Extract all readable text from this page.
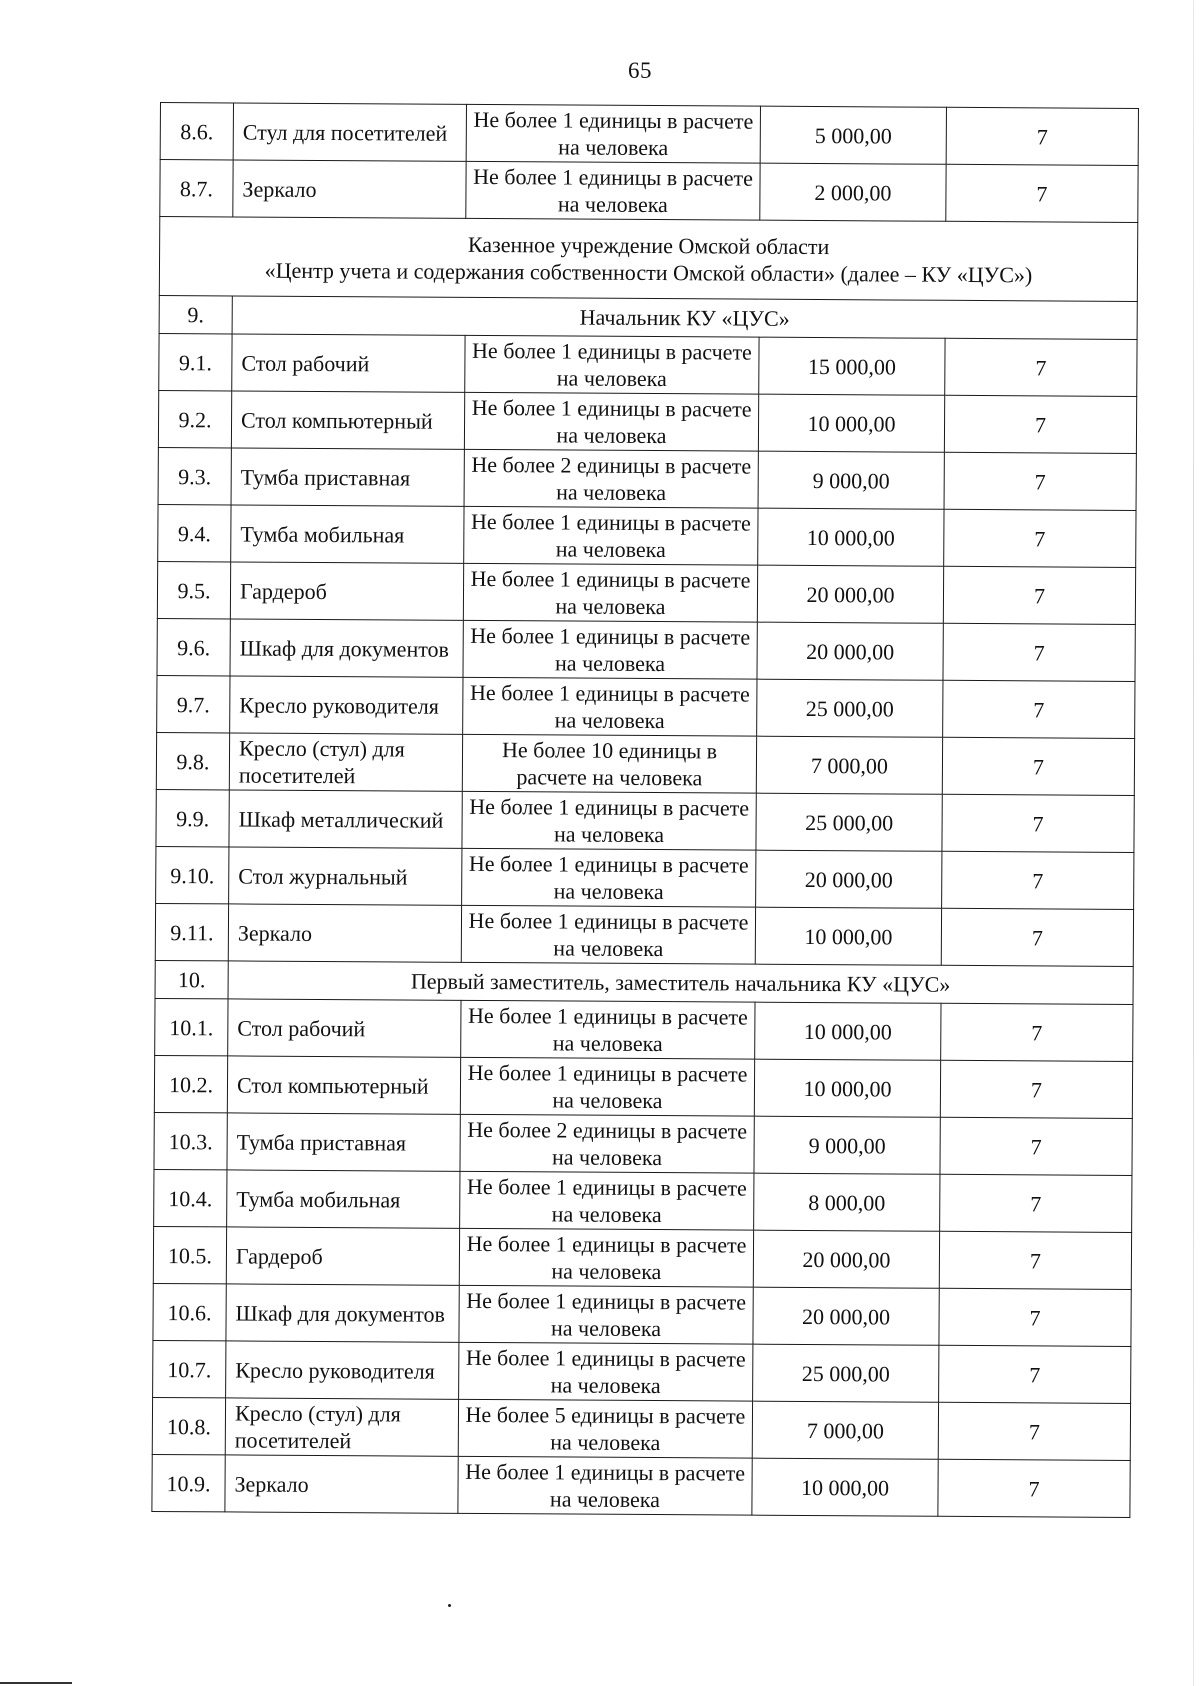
65
8.6.	Стул для посетителей	Не более 1 единицы в расчете на человека	5 000,00	7
8.7.	Зеркало	Не более 1 единицы в расчете на человека	2 000,00	7

Казенное учреждение Омской области
«Центр учета и содержания собственности Омской области» (далее – КУ «ЦУС»)				

9.	Начальник КУ «ЦУС»			
9.1.	Стол рабочий	Не более 1 единицы в расчете на человека	15 000,00	7
9.2.	Стол компьютерный	Не более 1 единицы в расчете на человека	10 000,00	7
9.3.	Тумба приставная	Не более 2 единицы в расчете на человека	9 000,00	7
9.4.	Тумба мобильная	Не более 1 единицы в расчете на человека	10 000,00	7
9.5.	Гардероб	Не более 1 единицы в расчете на человека	20 000,00	7
9.6.	Шкаф для документов	Не более 1 единицы в расчете на человека	20 000,00	7
9.7.	Кресло руководителя	Не более 1 единицы в расчете на человека	25 000,00	7
9.8.	Кресло (стул) для посетителей	Не более 10 единицы в расчете на человека	7 000,00	7
9.9.	Шкаф металлический	Не более 1 единицы в расчете на человека	25 000,00	7
9.10.	Стол журнальный	Не более 1 единицы в расчете на человека	20 000,00	7
9.11.	Зеркало	Не более 1 единицы в расчете на человека	10 000,00	7
10.	Первый заместитель, заместитель начальника КУ «ЦУС»			
10.1.	Стол рабочий	Не более 1 единицы в расчете на человека	10 000,00	7
10.2.	Стол компьютерный	Не более 1 единицы в расчете на человека	10 000,00	7
10.3.	Тумба приставная	Не более 2 единицы в расчете на человека	9 000,00	7
10.4.	Тумба мобильная	Не более 1 единицы в расчете на человека	8 000,00	7
10.5.	Гардероб	Не более 1 единицы в расчете на человека	20 000,00	7
10.6.	Шкаф для документов	Не более 1 единицы в расчете на человека	20 000,00	7
10.7.	Кресло руководителя	Не более 1 единицы в расчете на человека	25 000,00	7
10.8.	Кресло (стул) для посетителей	Не более 5 единицы в расчете на человека	7 000,00	7
10.9.	Зеркало	Не более 1 единицы в расчете на человека	10 000,00	7
